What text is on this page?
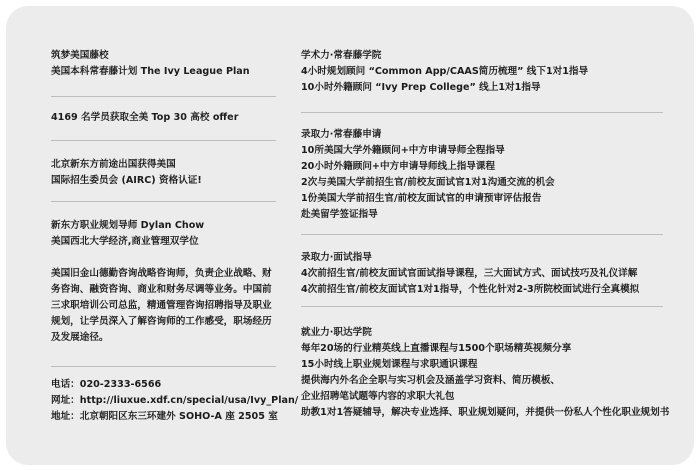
筑梦美国藤校
美国本科常春藤计划 The Ivy League Plan
4169 名学员获取全美 Top 30 高校 offer
北京新东方前途出国获得美国
国际招生委员会 (AIRC) 资格认证!
新东方职业规划导师 Dylan Chow
美国西北大学经济,商业管理双学位
美国旧金山德勤咨询战略咨询师，负责企业战略、财务咨询、融资咨询、商业和财务尽调等业务。中国前三求职培训公司总监，精通管理咨询招聘指导及职业规划，让学员深入了解咨询师的工作感受，职场经历及发展途径。
电话：020-2333-6566
网址：http://liuxue.xdf.cn/special/usa/Ivy_Plan/
地址：北京朝阳区东三环建外 SOHO-A 座 2505 室
学术力·常春藤学院
4小时规划顾问 “Common App/CAAS简历梳理” 线下1对1指导
10小时外籍顾问 “Ivy Prep College” 线上1对1指导
录取力·常春藤申请
10所美国大学外籍顾问+中方申请导师全程指导
20小时外籍顾问+中方申请导师线上指导课程
2次与美国大学前招生官/前校友面试官1对1沟通交流的机会
1份美国大学前招生官/前校友面试官的申请预审评估报告
赴美留学签证指导
录取力·面试指导
4次前招生官/前校友面试官面试指导课程，三大面试方式、面试技巧及礼仪详解
4次前招生官/前校友面试官1对1指导，个性化针对2-3所院校面试进行全真模拟
就业力·职达学院
每年20场的行业精英线上直播课程与1500个职场精英视频分享
15小时线上职业规划课程与求职通识课程
提供海内外名企全职与实习机会及涵盖学习资料、简历模板、
企业招聘笔试题等内容的求职大礼包
助教1对1答疑辅导，解决专业选择、职业规划疑问，并提供一份私人个性化职业规划书
